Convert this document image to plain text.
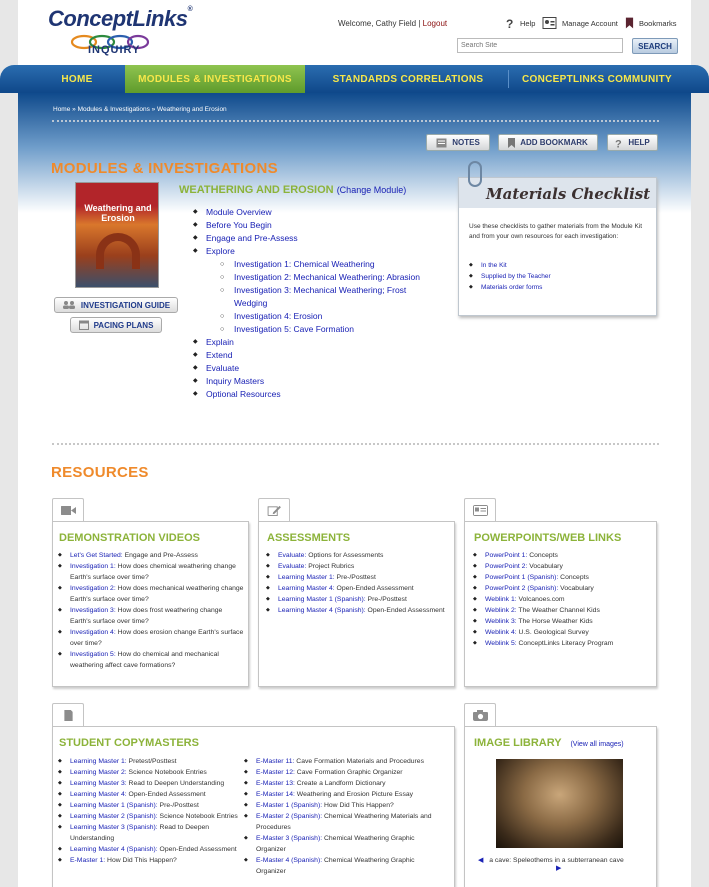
ConceptLinks®
INQUIRY
Welcome, Cathy Field | Logout	? Help	Manage Account	Bookmarks
Search Site
SEARCH
HOME	MODULES & INVESTIGATIONS	STANDARDS CORRELATIONS	CONCEPTLINKS COMMUNITY
Home » Modules & Investigations » Weathering and Erosion
NOTES	ADD BOOKMARK	? HELP
MODULES & INVESTIGATIONS
Weathering and Erosion
INVESTIGATION GUIDE
PACING PLANS
WEATHERING AND EROSION (Change Module)
◆ Module Overview
◆ Before You Begin
◆ Engage and Pre-Assess
◆ Explore
○ Investigation 1: Chemical Weathering
○ Investigation 2: Mechanical Weathering: Abrasion
○ Investigation 3: Mechanical Weathering; Frost Wedging
○ Investigation 4: Erosion
○ Investigation 5: Cave Formation
◆ Explain
◆ Extend
◆ Evaluate
◆ Inquiry Masters
◆ Optional Resources
Materials Checklist
Use these checklists to gather materials from the Module Kit and from your own resources for each investigation:
◆ In the Kit
◆ Supplied by the Teacher
◆ Materials order forms
RESOURCES
DEMONSTRATION VIDEOS
◆ Let's Get Started: Engage and Pre-Assess
◆ Investigation 1: How does chemical weathering change Earth's surface over time?
◆ Investigation 2: How does mechanical weathering change Earth's surface over time?
◆ Investigation 3: How does frost weathering change Earth's surface over time?
◆ Investigation 4: How does erosion change Earth's surface over time?
◆ Investigation 5: How do chemical and mechanical weathering affect cave formations?
ASSESSMENTS
◆ Evaluate: Options for Assessments
◆ Evaluate: Project Rubrics
◆ Learning Master 1: Pre-/Posttest
◆ Learning Master 4: Open-Ended Assessment
◆ Learning Master 1 (Spanish): Pre-/Posttest
◆ Learning Master 4 (Spanish): Open-Ended Assessment
POWERPOINTS/WEB LINKS
◆ PowerPoint 1: Concepts
◆ PowerPoint 2: Vocabulary
◆ PowerPoint 1 (Spanish): Concepts
◆ PowerPoint 2 (Spanish): Vocabulary
◆ Weblink 1: Volcanoes.com
◆ Weblink 2: The Weather Channel Kids
◆ Weblink 3: The Horse Weather Kids
◆ Weblink 4: U.S. Geological Survey
◆ Weblink 5: ConceptLinks Literacy Program
STUDENT COPYMASTERS
◆ Learning Master 1: Pretest/Posttest
◆ Learning Master 2: Science Notebook Entries
◆ Learning Master 3: Read to Deepen Understanding
◆ Learning Master 4: Open-Ended Assessment
◆ Learning Master 1 (Spanish): Pre-/Posttest
◆ Learning Master 2 (Spanish): Science Notebook Entries
◆ Learning Master 3 (Spanish): Read to Deepen Understanding
◆ Learning Master 4 (Spanish): Open-Ended Assessment
◆ E-Master 1: How Did This Happen?
◆ E-Master 11: Cave Formation Materials and Procedures
◆ E-Master 12: Cave Formation Graphic Organizer
◆ E-Master 13: Create a Landform Dictionary
◆ E-Master 14: Weathering and Erosion Picture Essay
◆ E-Master 1 (Spanish): How Did This Happen?
◆ E-Master 2 (Spanish): Chemical Weathering Materials and Procedures
◆ E-Master 3 (Spanish): Chemical Weathering Graphic Organizer
◆ E-Master 4 (Spanish): Chemical Weathering Graphic Organizer
IMAGE LIBRARY (View all images)
◀ a cave: Speleothems in a subterranean cave
▶
